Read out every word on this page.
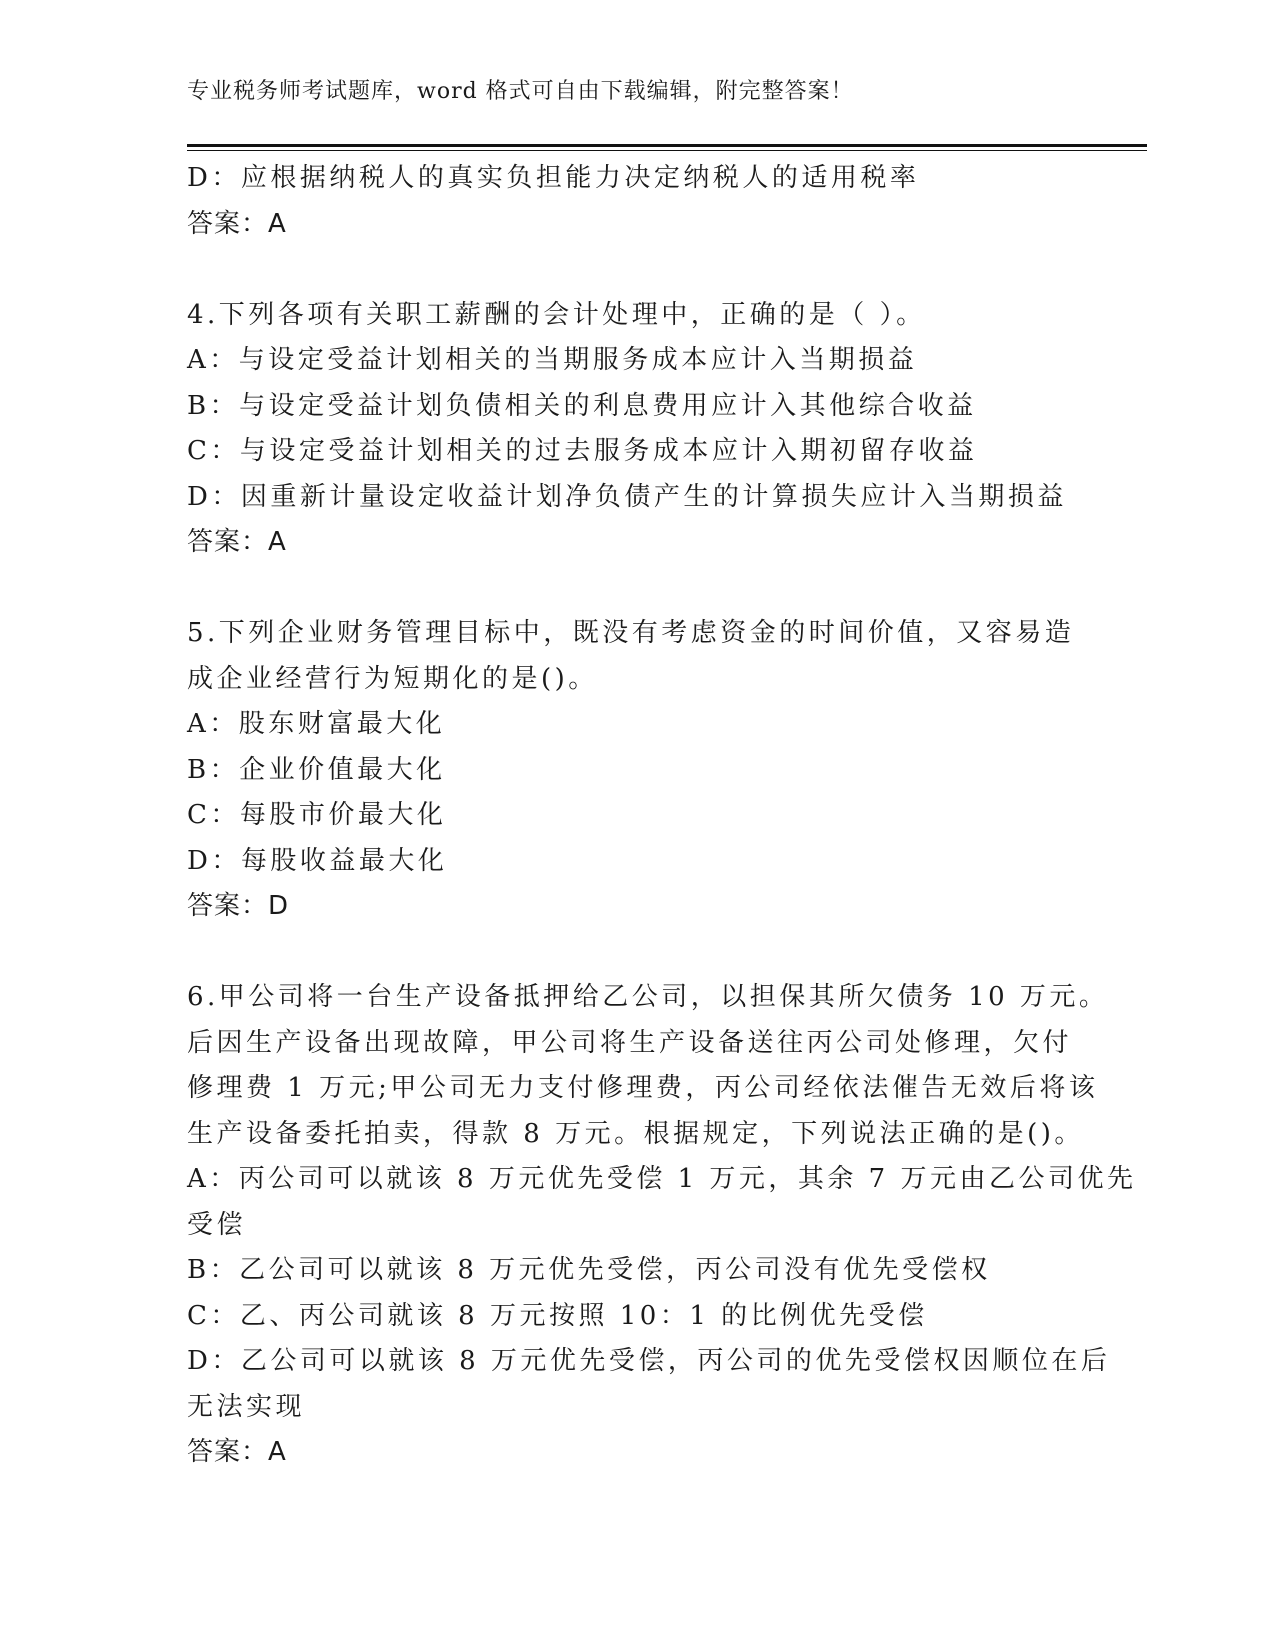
专业税务师考试题库，word 格式可自由下载编辑，附完整答案！
D：应根据纳税人的真实负担能力决定纳税人的适用税率
答案：A
4.下列各项有关职工薪酬的会计处理中，正确的是（ ）。
A：与设定受益计划相关的当期服务成本应计入当期损益
B：与设定受益计划负债相关的利息费用应计入其他综合收益
C：与设定受益计划相关的过去服务成本应计入期初留存收益
D：因重新计量设定收益计划净负债产生的计算损失应计入当期损益
答案：A
5.下列企业财务管理目标中，既没有考虑资金的时间价值，又容易造
成企业经营行为短期化的是()。
A：股东财富最大化
B：企业价值最大化
C：每股市价最大化
D：每股收益最大化
答案：D
6.甲公司将一台生产设备抵押给乙公司，以担保其所欠债务 10 万元。
后因生产设备出现故障，甲公司将生产设备送往丙公司处修理，欠付
修理费 1 万元;甲公司无力支付修理费，丙公司经依法催告无效后将该
生产设备委托拍卖，得款 8 万元。根据规定，下列说法正确的是()。
A：丙公司可以就该 8 万元优先受偿 1 万元，其余 7 万元由乙公司优先
受偿
B：乙公司可以就该 8 万元优先受偿，丙公司没有优先受偿权
C：乙、丙公司就该 8 万元按照 10：1 的比例优先受偿
D：乙公司可以就该 8 万元优先受偿，丙公司的优先受偿权因顺位在后
无法实现
答案：A
